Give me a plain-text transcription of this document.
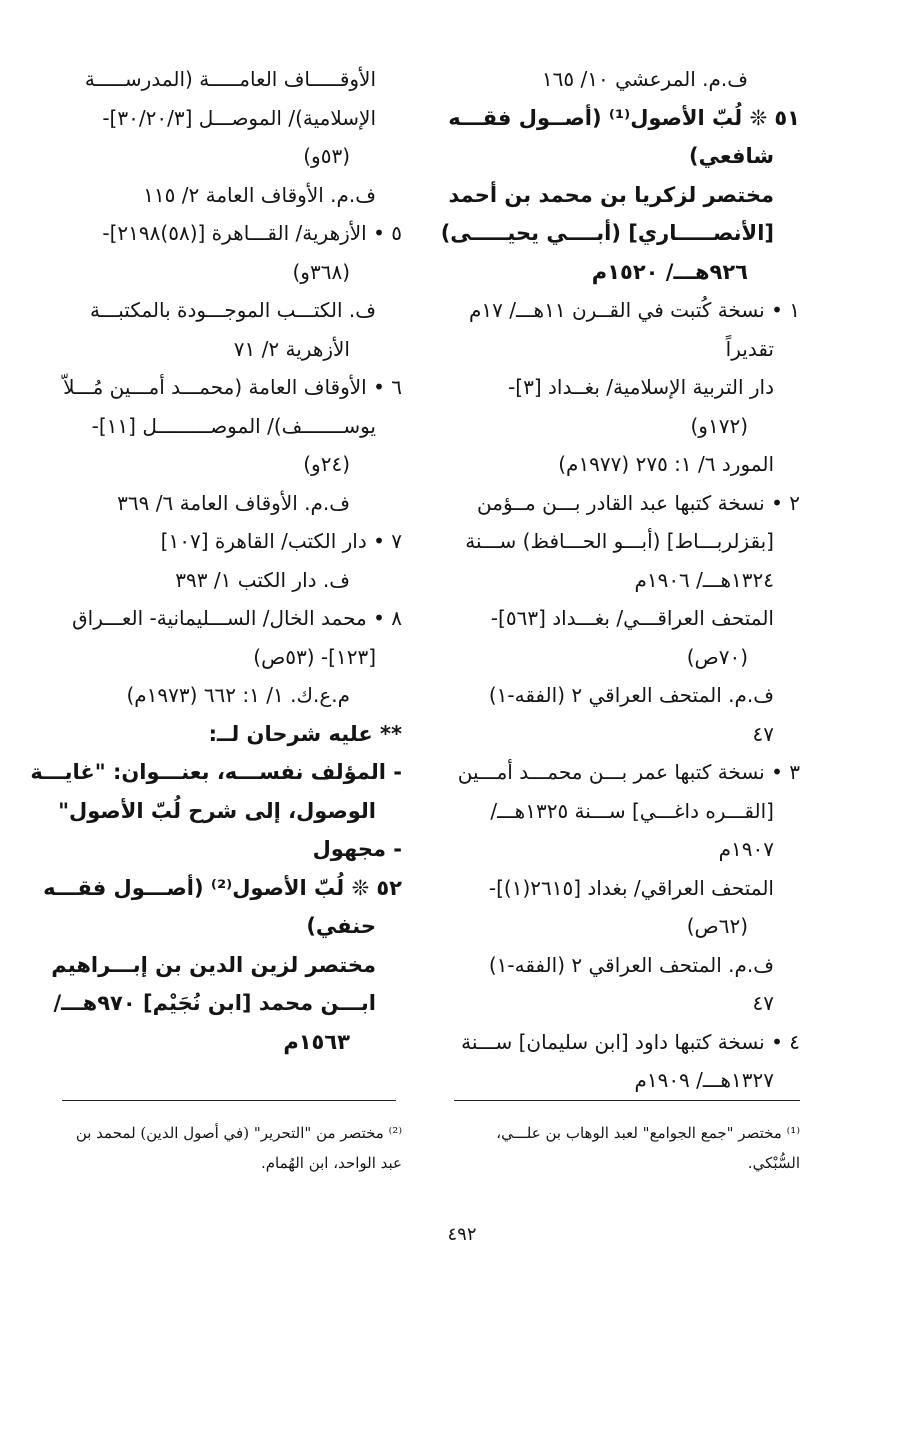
ف.م. المرعشي ١٠/ ١٦٥
٥١ ❊ لُبّ الأصول⁽¹⁾ (أصــول فقـــه
شافعي)
مختصر لزكريا بن محمد بن أحمد
[الأنصـــــاري] (أبــــي يحيـــــى)
٩٢٦هـــ/ ١٥٢٠م
١ • نسخة كُتبت في القــرن ١١هـــ/ ١٧م
تقديراً
دار التربية الإسلامية/ بغــداد [٣]-
(١٧٢و)
المورد ٦/ ١: ٢٧٥ (١٩٧٧م)
٢ • نسخة كتبها عبد القادر بـــن مــؤمن
[بقزلربـــاط] (أبـــو الحـــافظ) ســـنة
١٣٢٤هـــ/ ١٩٠٦م
المتحف العراقـــي/ بغـــداد [٥٦٣]-
(٧٠ص)
ف.م. المتحف العراقي ٢ (الفقه-١)
٤٧
٣ • نسخة كتبها عمر بـــن محمـــد أمـــين
[القـــره داغـــي] ســـنة ١٣٢٥هـــ/
١٩٠٧م
المتحف العراقي/ بغداد [٢٦١٥(١)]-
(٦٢ص)
ف.م. المتحف العراقي ٢ (الفقه-١)
٤٧
٤ • نسخة كتبها داود [ابن سليمان] ســـنة
١٣٢٧هـــ/ ١٩٠٩م
الأوقـــــاف العامـــــة (المدرســـــة
الإسلامية)/ الموصـــل [٣٠/٢٠/٣]-
(٥٣و)
ف.م. الأوقاف العامة ٢/ ١١٥
٥ • الأزهرية/ القـــاهرة [(٥٨)٢١٩٨]-
(٣٦٨و)
ف. الكتـــب الموجـــودة بالمكتبـــة
الأزهرية ٢/ ٧١
٦ • الأوقاف العامة (محمـــد أمـــين مُـــلاّ
يوســـــــف)/ الموصـــــــــل [١١]-
(٢٤و)
ف.م. الأوقاف العامة ٦/ ٣٦٩
٧ • دار الكتب/ القاهرة [١٠٧]
ف. دار الكتب ١/ ٣٩٣
٨ • محمد الخال/ الســـليمانية- العـــراق
[١٢٣]- (٥٣ص)
م.ع.ك. ١/ ١: ٦٦٢ (١٩٧٣م)
** عليه شرحان لــ:
- المؤلف نفســـه، بعنـــوان: "غايـــة
الوصول، إلى شرح لُبّ الأصول"
- مجهول
٥٢ ❊ لُبّ الأصول⁽²⁾ (أصـــول فقـــه
حنفي)
مختصر لزين الدين بن إبـــراهيم
ابـــن محمد [ابن نُجَيْم] ٩٧٠هـــ/
١٥٦٣م
⁽¹⁾ مختصر "جمع الجوامع" لعبد الوهاب بن علـــي،
السُّبْكي.
⁽²⁾ مختصر من "التحرير" (في أصول الدين) لمحمد بن
عبد الواحد، ابن الهُمام.
٤٩٢
